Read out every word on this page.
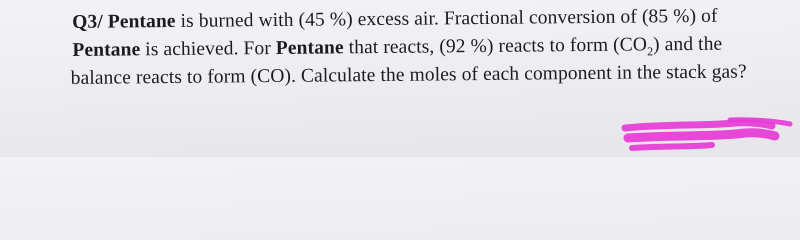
Q3/ Pentane is burned with (45 %) excess air. Fractional conversion of (85 %) of
Pentane is achieved. For Pentane that reacts, (92 %) reacts to form $(CO_2)$ and the
balance reacts to form (CO). Calculate the moles of each component in the stack gas?
